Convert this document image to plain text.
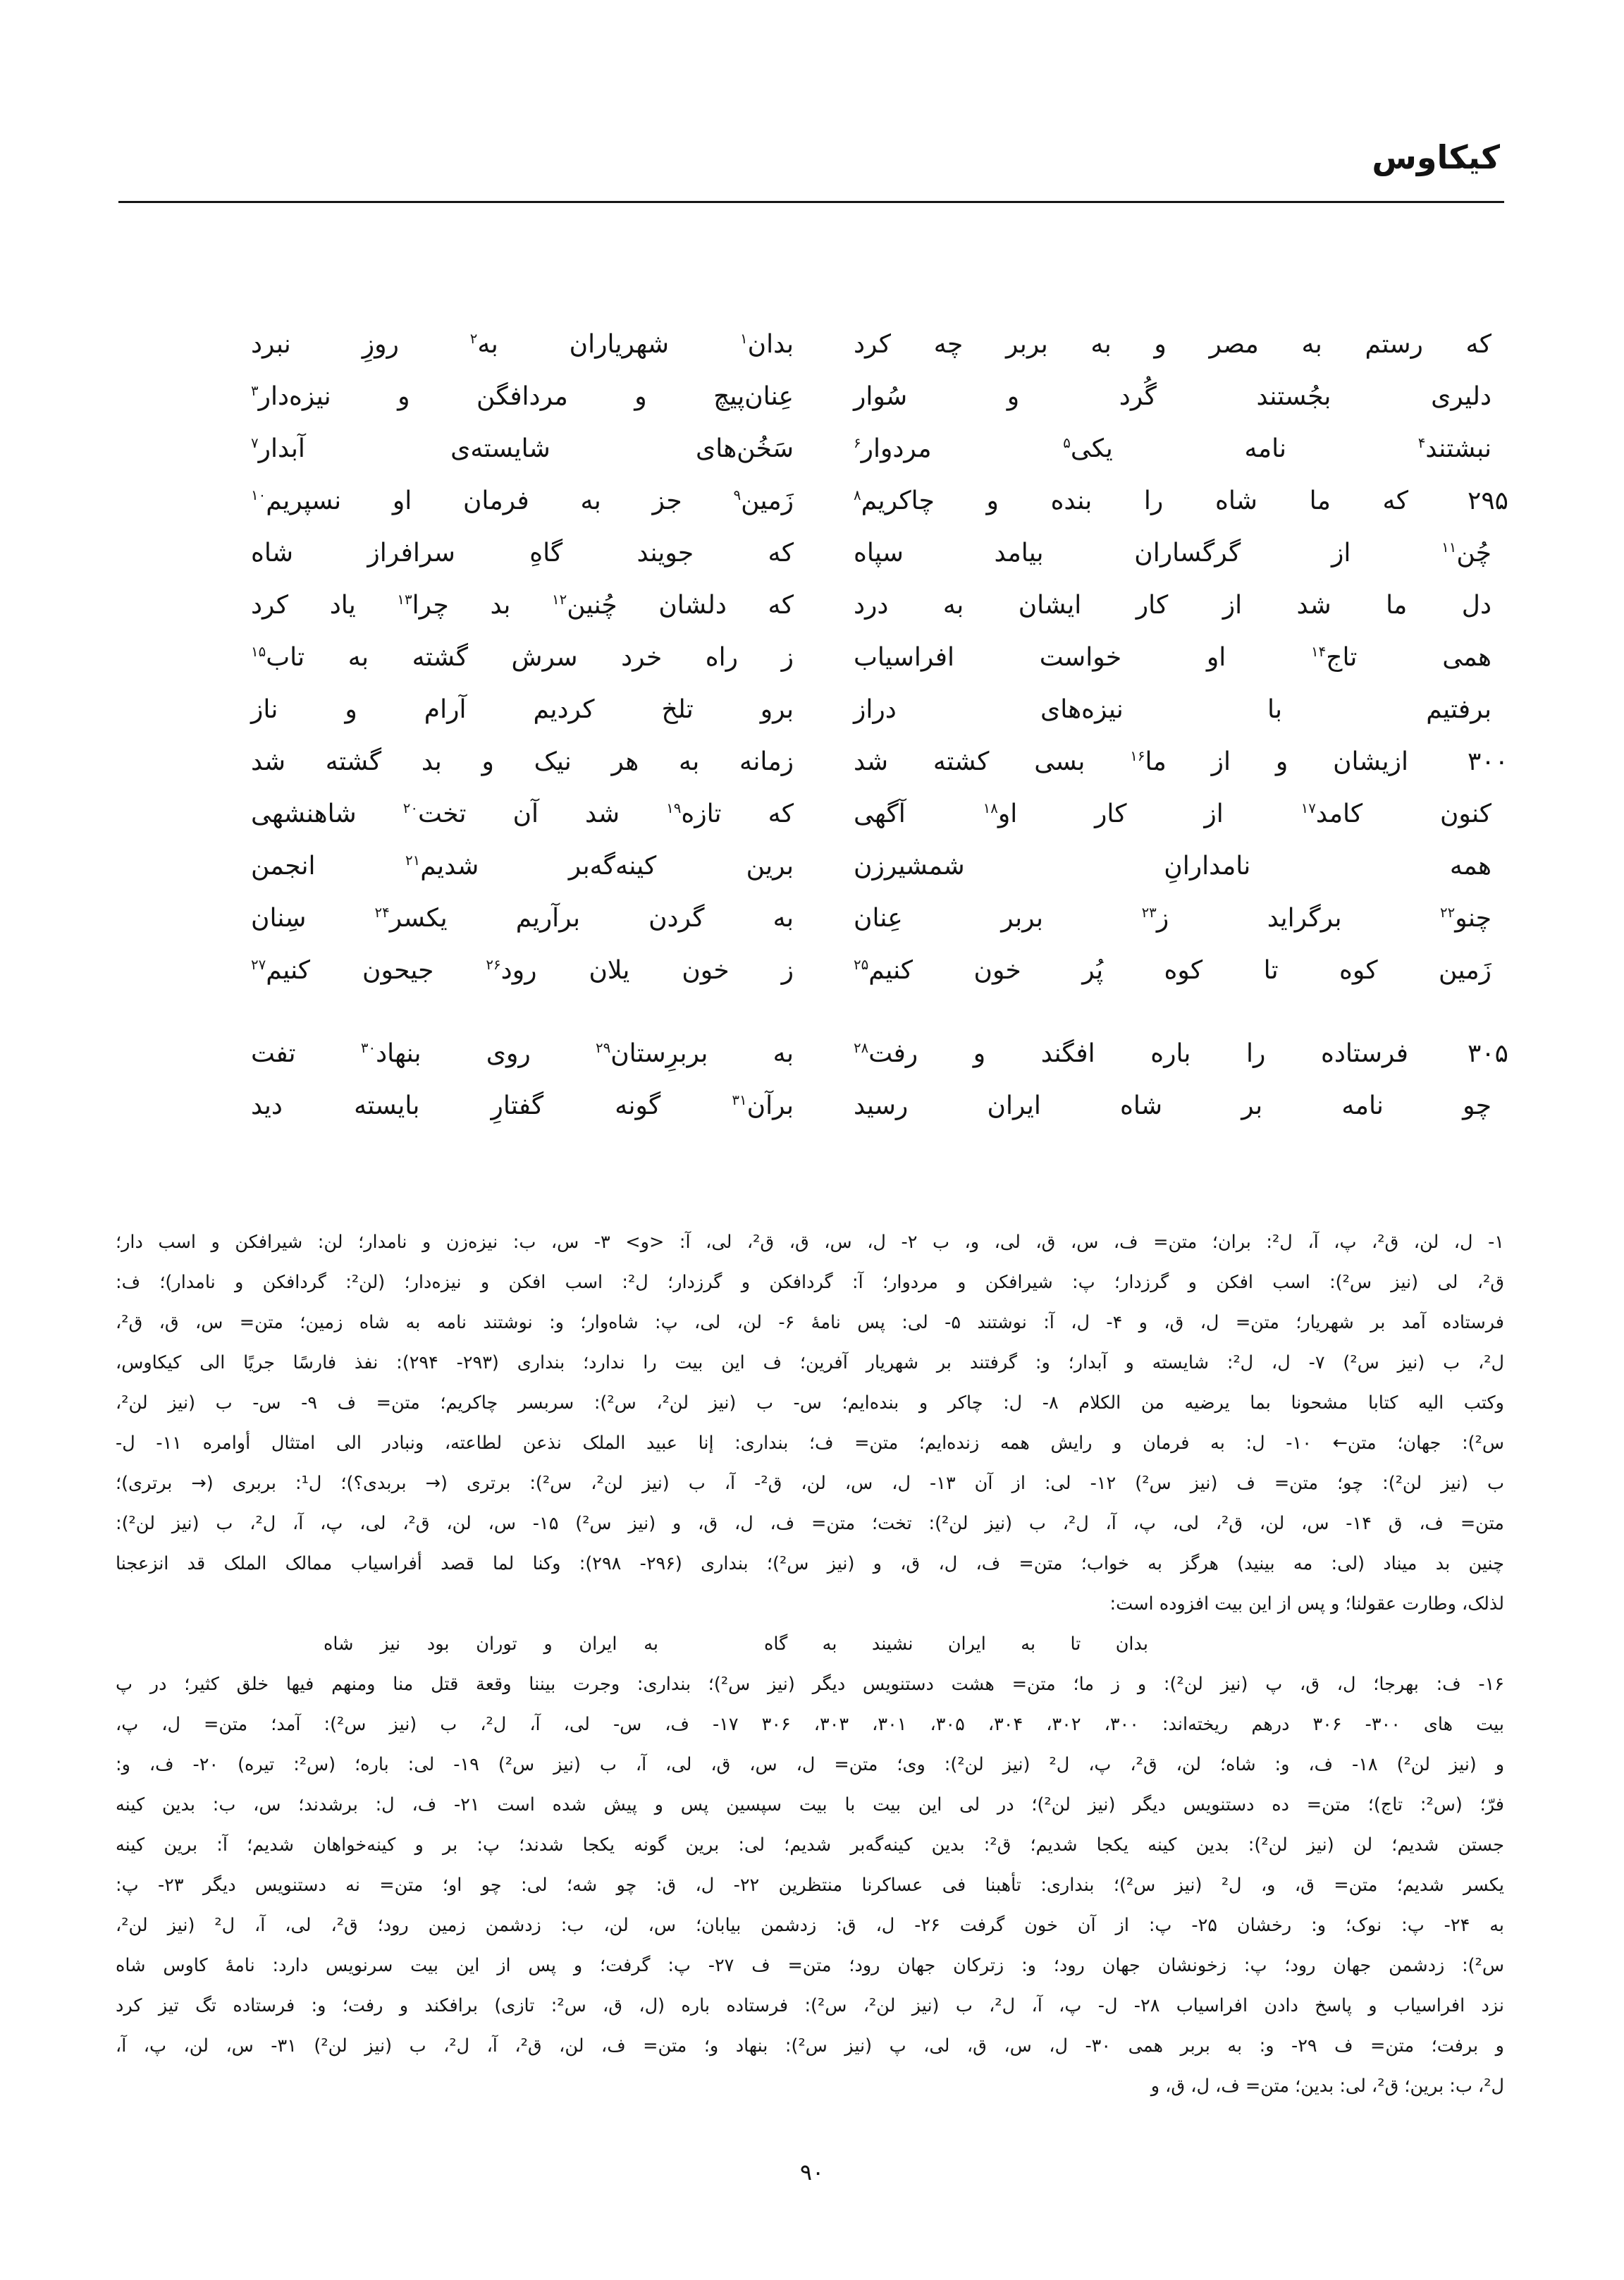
کیکاوس
که رستم به مصر و به بربر چه کرد
بدان$^۱$ شهریاران به$^۲$ روزِ نبرد
دلیری بجُستند گُرد و سُوار
عِنان‌پیچ و مردافگن و نیزه‌دار$^۳$
نبشتند$^۴$ نامه یکی$^۵$ مردوار$^۶$
سَخُن‌های شایسته‌ی آبدار$^۷$
۲۹۵
که ما شاه را بنده و چاکریم$^۸$
زَمین$^۹$ جز به فرمان او نسپریم$^{۱۰}$
چُن$^{۱۱}$ از گرگساران بیامد سپاه
که جویند گاهِ سرافراز شاه
دل ما شد از کار ایشان به درد
که دلشان چُنین$^{۱۲}$ بد چرا$^{۱۳}$ یاد کرد
همی تاج$^{۱۴}$ او خواست افراسیاب
ز راه خرد سرش گشته به تاب$^{۱۵}$
برفتیم با نیزه‌های دراز
برو تلخ کردیم آرام و ناز
۳۰۰
ازیشان و از ما$^{۱۶}$ بسی کشته شد
زمانه به هر نیک و بد گشته شد
کنون کامد$^{۱۷}$ از کار او$^{۱۸}$ آگهی
که تازه$^{۱۹}$ شد آن تخت$^{۲۰}$ شاهنشهی
همه نامدارانِ شمشیرزن
برین کینه‌گه‌بر شدیم$^{۲۱}$ انجمن
چنو$^{۲۲}$ برگراید ز$^{۲۳}$ بربر عِنان
به گردن برآریم یکسر$^{۲۴}$ سِنان
زَمین کوه تا کوه پُر خون کنیم$^{۲۵}$
ز خون یلان رود$^{۲۶}$ جیحون کنیم$^{۲۷}$
۳۰۵
فرستاده را باره افگند و رفت$^{۲۸}$
به بربرِستان$^{۲۹}$ روی بنهاد$^{۳۰}$ تفت
چو نامه بر شاه ایران رسید
برآن$^{۳۱}$ گونه گفتارِ بایسته دید
۱- ل، لن، ق²، پ، آ، ل²: بران؛ متن= ف، س، ق، لی، و، ب ۲- ل، س، ق، ق²، لی، آ: <و> ۳- س، ب: نیزه‌زن و نامدار؛ لن: شیرافکن و اسب دار؛
ق²، لی (نیز س²): اسب افکن و گرزدار؛ پ: شیرافکن و مردوار؛ آ: گردافکن و گرزدار؛ ل²: اسب افکن و نیزه‌دار؛ (لن²: گردافکن و نامدار)؛ ف:
فرستاده آمد بر شهریار؛ متن= ل، ق، و ۴- ل، آ: نوشتند ۵- لی: پس نامهٔ ۶- لن، لی، پ: شاه‌وار؛ و: نوشتند نامه به شاه زمین؛ متن= س، ق، ق²،
ل²، ب (نیز س²) ۷- ل، ل²: شایسته و آبدار؛ و: گرفتند بر شهریار آفرین؛ ف این بیت را ندارد؛ بنداری (۲۹۳- ۲۹۴): نفذ فارسًا جریًا الی کیکاوس،
وکتب الیه کتابا مشحونا بما یرضیه من الکلام ۸- ل: چاکر و بنده‌ایم؛ س- ب (نیز لن²، س²): سربسر چاکریم؛ متن= ف ۹- س- ب (نیز لن²،
س²): جهان؛ متن← ۱۰- ل: به فرمان و رایش همه زنده‌ایم؛ متن= ف؛ بنداری: إنا عبید الملک نذعن لطاعته، ونبادر الی امتثال أوامره ۱۱- ل-
ب (نیز لن²): چو؛ متن= ف (نیز س²) ۱۲- لی: از آن ۱۳- ل، س، لن، ق²- آ، ب (نیز لن²، س²): برتری (→ بربدی؟)؛ ل¹: بربری (→ برتری)؛
متن= ف، ق ۱۴- س، لن، ق²، لی، پ، آ، ل²، ب (نیز لن²): تخت؛ متن= ف، ل، ق، و (نیز س²) ۱۵- س، لن، ق²، لی، پ، آ، ل²، ب (نیز لن²):
چنین بد میناد (لی: مه بینید) هرگز به خواب؛ متن= ف، ل، ق، و (نیز س²)؛ بنداری (۲۹۶- ۲۹۸): وکنا لما قصد أفراسیاب ممالک الملک قد انزعجنا
لذلک، وطارت عقولنا؛ و پس از این بیت افزوده است:
بدان تا به ایران نشیند به گاه
به ایران و توران بود نیز شاه
۱۶- ف: بهرجا؛ ل، ق، پ (نیز لن²): و ز ما؛ متن= هشت دستنویس دیگر (نیز س²)؛ بنداری: وجرت بیننا وقعة قتل منا ومنهم فیها خلق کثیر؛ در پ
بیت های ۳۰۰- ۳۰۶ درهم ریخته‌اند: ۳۰۰، ۳۰۲، ۳۰۴، ۳۰۵، ۳۰۱، ۳۰۳، ۳۰۶ ۱۷- ف، س- لی، آ، ل²، ب (نیز س²): آمد؛ متن= ل، پ،
و (نیز لن²) ۱۸- ف، و: شاه؛ لن، ق²، پ، ل² (نیز لن²): وی؛ متن= ل، س، ق، لی، آ، ب (نیز س²) ۱۹- لی: باره؛ (س²: تیره) ۲۰- ف، و:
فرّ؛ (س²: تاج)؛ متن= ده دستنویس دیگر (نیز لن²)؛ در لی این بیت با بیت سپسین پس و پیش شده است ۲۱- ف، ل: برشدند؛ س، ب: بدین کینه
جستن شدیم؛ لن (نیز لن²): بدین کینه یکجا شدیم؛ ق²: بدین کینه‌گه‌بر شدیم؛ لی: برین گونه یکجا شدند؛ پ: بر و کینه‌خواهان شدیم؛ آ: برین کینه
یکسر شدیم؛ متن= ق، و، ل² (نیز س²)؛ بنداری: تأهبنا فی عساکرنا منتظرین ۲۲- ل، ق: چو شه؛ لی: چو او؛ متن= نه دستنویس دیگر ۲۳- پ:
به ۲۴- پ: نوک؛ و: رخشان ۲۵- پ: از آن خون گرفت ۲۶- ل، ق: زدشمن بیابان؛ س، لن، ب: زدشمن زمین رود؛ ق²، لی، آ، ل² (نیز لن²،
س²): زدشمن جهان رود؛ پ: زخونشان جهان رود؛ و: زترکان جهان رود؛ متن= ف ۲۷- پ: گرفت؛ و پس از این بیت سرنویس دارد: نامهٔ کاوس شاه
نزد افراسیاب و پاسخ دادن افراسیاب ۲۸- ل- پ، آ، ل²، ب (نیز لن²، س²): فرستاده باره (ل، ق، س²: تازی) برافکند و رفت؛ و: فرستاده تگ تیز کرد
و برفت؛ متن= ف ۲۹- و: به بربر همی ۳۰- ل، س، ق، لی، پ (نیز س²): بنهاد و؛ متن= ف، لن، ق²، آ، ل²، ب (نیز لن²) ۳۱- س، لن، پ، آ،
ل²، ب: برین؛ ق²، لی: بدین؛ متن= ف، ل، ق، و
۹۰
